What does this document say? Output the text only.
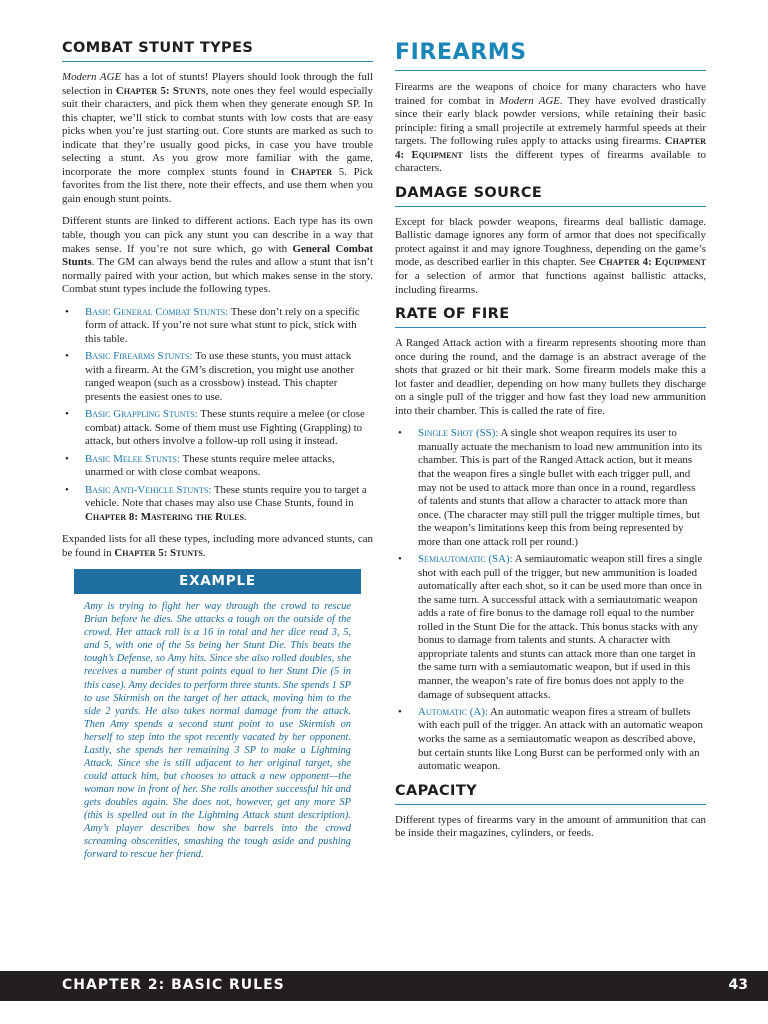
COMBAT STUNT TYPES

Modern AGE has a lot of stunts! Players should look through the full selection in Chapter 5: Stunts, note ones they feel would especially suit their characters, and pick them when they generate enough SP. In this chapter, we’ll stick to combat stunts with low costs that are easy picks when you’re just starting out. Core stunts are marked as such to indicate that they’re usually good picks, in case you have trouble selecting a stunt. As you grow more familiar with the game, incorporate the more complex stunts found in Chapter 5. Pick favorites from the list there, note their effects, and use them when you gain enough stunt points.

Different stunts are linked to different actions. Each type has its own table, though you can pick any stunt you can describe in a way that makes sense. If you’re not sure which, go with General Combat Stunts. The GM can always bend the rules and allow a stunt that isn’t normally paired with your action, but which makes sense in the story. Combat stunt types include the following types.

• Basic General Combat Stunts: These don’t rely on a specific form of attack. If you’re not sure what stunt to pick, stick with this table.
• Basic Firearms Stunts: To use these stunts, you must attack with a firearm. At the GM’s discretion, you might use another ranged weapon (such as a crossbow) instead. This chapter presents the easiest ones to use.
• Basic Grappling Stunts: These stunts require a melee (or close combat) attack. Some of them must use Fighting (Grappling) to attack, but others involve a follow-up roll using it instead.
• Basic Melee Stunts: These stunts require melee attacks, unarmed or with close combat weapons.
• Basic Anti-Vehicle Stunts: These stunts require you to target a vehicle. Note that chases may also use Chase Stunts, found in Chapter 8: Mastering the Rules.

Expanded lists for all these types, including more advanced stunts, can be found in Chapter 5: Stunts.

EXAMPLE

Amy is trying to fight her way through the crowd to rescue Brian before he dies. She attacks a tough on the outside of the crowd. Her attack roll is a 16 in total and her dice read 3, 5, and 5, with one of the 5s being her Stunt Die. This beats the tough’s Defense, so Amy hits. Since she also rolled doubles, she receives a number of stunt points equal to her Stunt Die (5 in this case). Amy decides to perform three stunts. She spends 1 SP to use Skirmish on the target of her attack, moving him to the side 2 yards. He also takes normal damage from the attack. Then Amy spends a second stunt point to use Skirmish on herself to step into the spot recently vacated by her opponent. Lastly, she spends her remaining 3 SP to make a Lightning Attack. Since she is still adjacent to her original target, she could attack him, but chooses to attack a new opponent—the woman now in front of her. She rolls another successful hit and gets doubles again. She does not, however, get any more SP (this is spelled out in the Lightning Attack stunt description). Amy’s player describes how she barrels into the crowd screaming obscenities, smashing the tough aside and pushing forward to rescue her friend.

FIREARMS

Firearms are the weapons of choice for many characters who have trained for combat in Modern AGE. They have evolved drastically since their early black powder versions, while retaining their basic principle: firing a small projectile at extremely harmful speeds at their targets. The following rules apply to attacks using firearms. Chapter 4: Equipment lists the different types of firearms available to characters.

DAMAGE SOURCE

Except for black powder weapons, firearms deal ballistic damage. Ballistic damage ignores any form of armor that does not specifically protect against it and may ignore Toughness, depending on the game’s mode, as described earlier in this chapter. See Chapter 4: Equipment for a selection of armor that functions against ballistic attacks, including firearms.

RATE OF FIRE

A Ranged Attack action with a firearm represents shooting more than once during the round, and the damage is an abstract average of the shots that grazed or hit their mark. Some firearm models make this a lot faster and deadlier, depending on how many bullets they discharge on a single pull of the trigger and how fast they load new ammunition into their chamber. This is called the rate of fire.

• Single Shot (SS): A single shot weapon requires its user to manually actuate the mechanism to load new ammunition into its chamber. This is part of the Ranged Attack action, but it means that the weapon fires a single bullet with each trigger pull, and may not be used to attack more than once in a round, regardless of talents and stunts that allow a character to attack more than once. (The character may still pull the trigger multiple times, but the weapon’s limitations keep this from being represented by more than one attack roll per round.)
• Semiautomatic (SA): A semiautomatic weapon still fires a single shot with each pull of the trigger, but new ammunition is loaded automatically after each shot, so it can be used more than once in the same turn. A successful attack with a semiautomatic weapon adds a rate of fire bonus to the damage roll equal to the number rolled in the Stunt Die for the attack. This bonus stacks with any bonus to damage from talents and stunts. A character with appropriate talents and stunts can attack more than one target in the same turn with a semiautomatic weapon, but if used in this manner, the weapon’s rate of fire bonus does not apply to the damage of subsequent attacks.
• Automatic (A): An automatic weapon fires a stream of bullets with each pull of the trigger. An attack with an automatic weapon works the same as a semiautomatic weapon as described above, but certain stunts like Long Burst can be performed only with an automatic weapon.
CAPACITY

Different types of firearms vary in the amount of ammunition that can be inside their magazines, cylinders, or feeds.

CHAPTER 2: BASIC RULES	43
